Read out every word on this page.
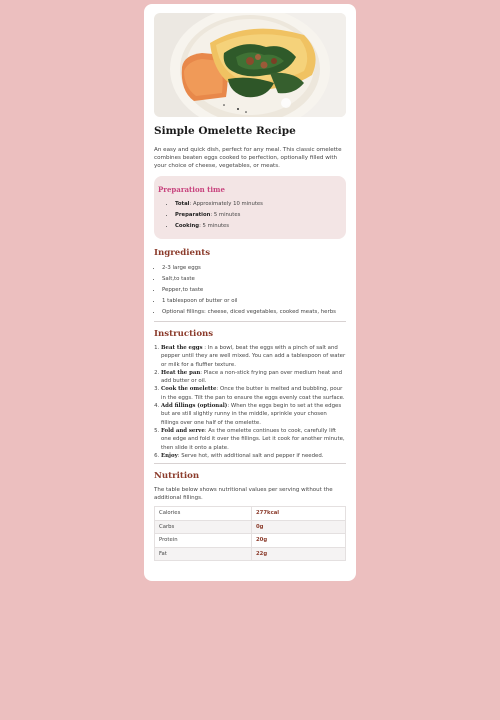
Simple Omelette Recipe

An easy and quick dish, perfect for any meal. This classic omelette combines beaten eggs cooked to perfection, optionally filled with your choice of cheese, vegetables, or meats.

Preparation time
• Total: Approximately 10 minutes
• Preparation: 5 minutes
• Cooking: 5 minutes
Ingredients
• 2-3 large eggs
• Salt,to taste
• Pepper,to taste
• 1 tablespoon of butter or oil
• Optional fillings: cheese, diced vegetables, cooked meats, herbs
Instructions
1. Beat the eggs : In a bowl, beat the eggs with a pinch of salt and pepper until they are well mixed. You can add a tablespoon of water or milk for a fluffier texture.
2. Heat the pan: Place a non-stick frying pan over medium heat and add butter or oil.
3. Cook the omelette: Once the butter is melted and bubbling, pour in the eggs. Tilt the pan to ensure the eggs evenly coat the surface.
4. Add fillings (optional): When the eggs begin to set at the edges but are still slightly runny in the middle, sprinkle your chosen fillings over one half of the omelette.
5. Fold and serve: As the omelette continues to cook, carefully lift one edge and fold it over the fillings. Let it cook for another minute, then slide it onto a plate.
6. Enjoy: Serve hot, with additional salt and pepper if needed.
Nutrition

The table below shows nutritional values per serving without the additional fillings.

Calories	277kcal
Carbs	0g
Protein	20g
Fat	22g
